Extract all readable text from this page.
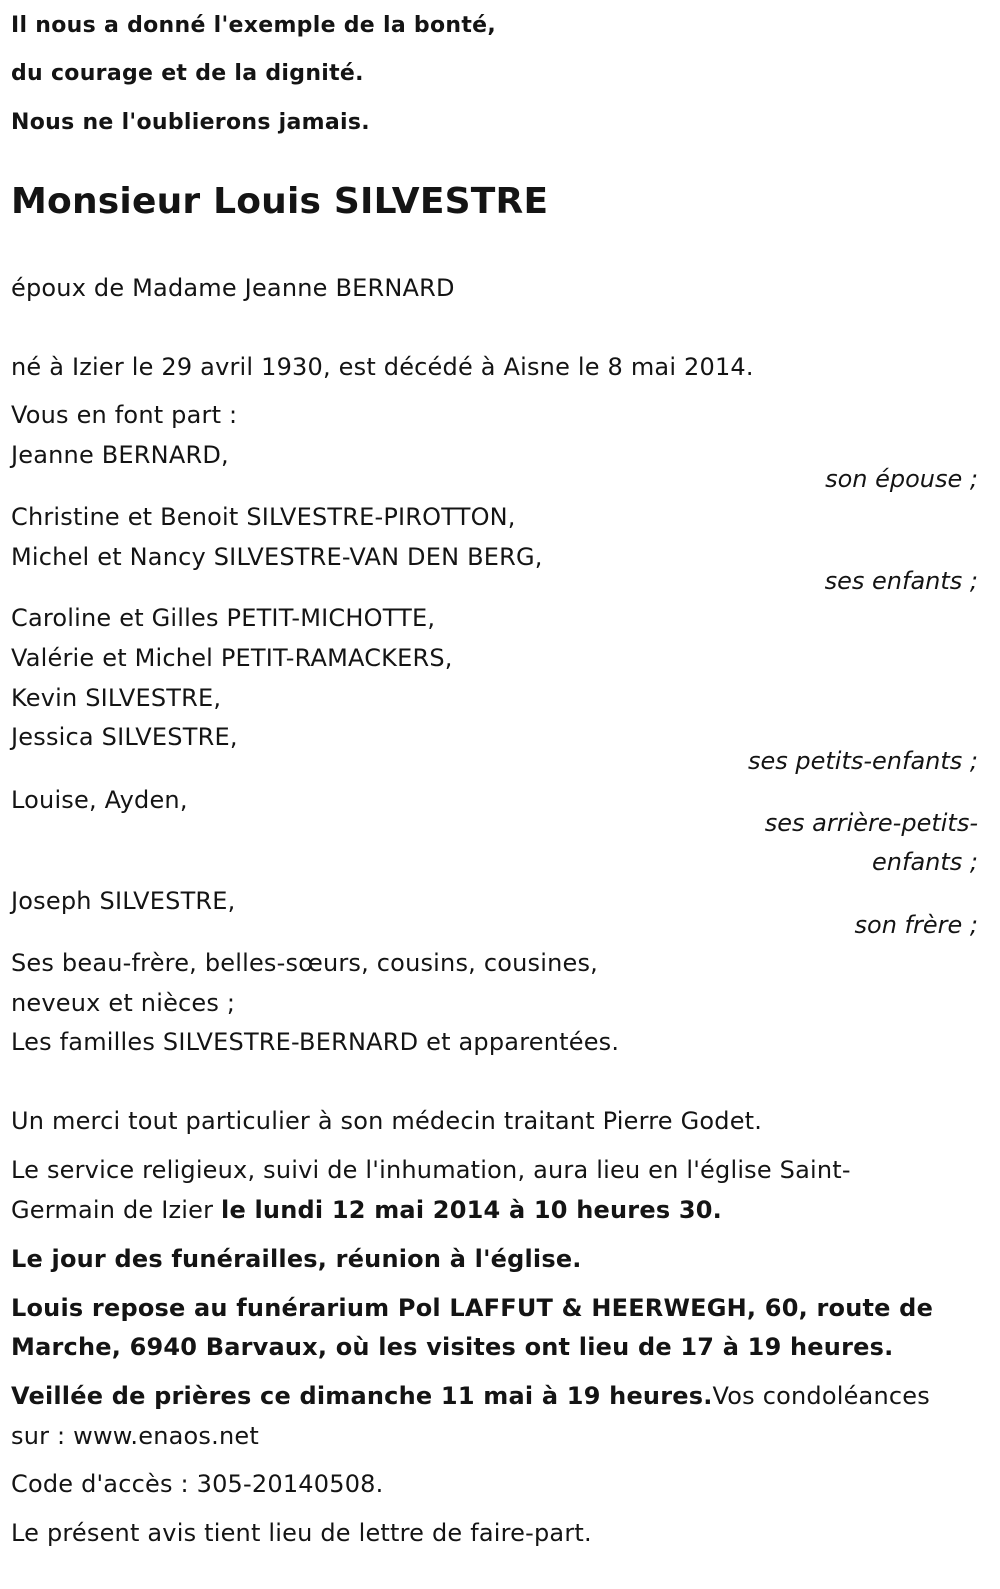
Il nous a donné l'exemple de la bonté,

du courage et de la dignité.

Nous ne l'oublierons jamais.

Monsieur Louis SILVESTRE

époux de Madame Jeanne BERNARD

né à Izier le 29 avril 1930, est décédé à Aisne le 8 mai 2014.

Vous en font part :

Jeanne BERNARD,

son épouse ;

Christine et Benoit SILVESTRE-PIROTTON,

Michel et Nancy SILVESTRE-VAN DEN BERG,

ses enfants ;

Caroline et Gilles PETIT-MICHOTTE,

Valérie et Michel PETIT-RAMACKERS,

Kevin SILVESTRE,

Jessica SILVESTRE,

ses petits-enfants ;

Louise, Ayden,

ses arrière-petits-

enfants ;

Joseph SILVESTRE,

son frère ;

Ses beau-frère, belles-sœurs, cousins, cousines,

neveux et nièces ;

Les familles SILVESTRE-BERNARD et apparentées.

Un merci tout particulier à son médecin traitant Pierre Godet.

Le service religieux, suivi de l'inhumation, aura lieu en l'église Saint-

Germain de Izier le lundi 12 mai 2014 à 10 heures 30.

Le jour des funérailles, réunion à l'église.

Louis repose au funérarium Pol LAFFUT & HEERWEGH, 60, route de

Marche, 6940 Barvaux, où les visites ont lieu de 17 à 19 heures.

Veillée de prières ce dimanche 11 mai à 19 heures.Vos condoléances

sur : www.enaos.net

Code d'accès : 305-20140508.

Le présent avis tient lieu de lettre de faire-part.
